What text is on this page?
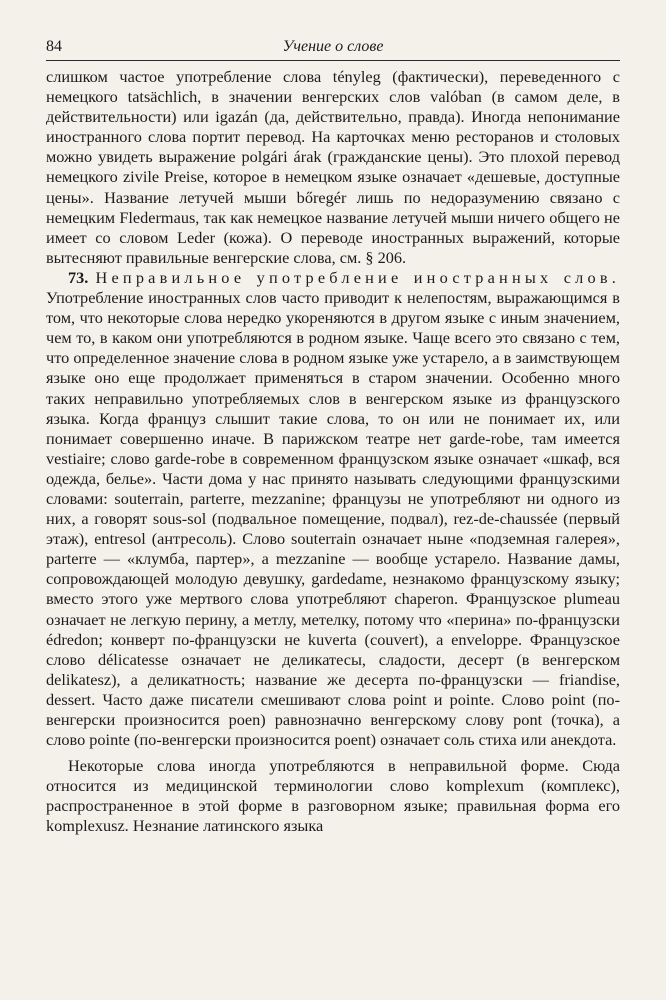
84	Учение о слове

слишком частое употребление слова tényleg (фактически), переведенного с немецкого tatsächlich, в значении венгерских слов valóban (в самом деле, в действительности) или igazán (да, действительно, правда). Иногда непонимание иностранного слова портит перевод. На карточках меню ресторанов и столовых можно увидеть выражение polgári árak (гражданские цены). Это плохой перевод немецкого zivile Preise, которое в немецком языке означает «дешевые, доступные цены». Название летучей мыши bőregér лишь по недоразумению связано с немецким Fledermaus, так как немецкое название летучей мыши ничего общего не имеет со словом Leder (кожа). О переводе иностранных выражений, которые вытесняют правильные венгерские слова, см. § 206.

73. Неправильное употребление иностранных слов. Употребление иностранных слов часто приводит к нелепостям, выражающимся в том, что некоторые слова нередко укореняются в другом языке с иным значением, чем то, в каком они употребляются в родном языке. Чаще всего это связано с тем, что определенное значение слова в родном языке уже устарело, а в заимствующем языке оно еще продолжает применяться в старом значении. Особенно много таких неправильно употребляемых слов в венгерском языке из французского языка. Когда француз слышит такие слова, то он или не понимает их, или понимает совершенно иначе. В парижском театре нет garde-robe, там имеется vestiaire; слово garde-robe в современном французском языке означает «шкаф, вся одежда, белье». Части дома у нас принято называть следующими французскими словами: souterrain, parterre, mezzanine; французы не употребляют ни одного из них, а говорят sous-sol (подвальное помещение, подвал), rez-de-chaussée (первый этаж), entresol (антресоль). Слово souterrain означает ныне «подземная галерея», parterre — «клумба, партер», а mezzanine — вообще устарело. Название дамы, сопровождающей молодую девушку, gardedame, незнакомо французскому языку; вместо этого уже мертвого слова употребляют chaperon. Французское plumeau означает не легкую перину, а метлу, метелку, потому что «перина» по-французски édredon; конверт по-французски не kuverta (couvert), а enveloppe. Французское слово délicatesse означает не деликатесы, сладости, десерт (в венгерском delikatesz), а деликатность; название же десерта по-французски — friandise, dessert. Часто даже писатели смешивают слова point и pointe. Слово point (по-венгерски произносится poen) равнозначно венгерскому слову pont (точка), а слово pointe (по-венгерски произносится poent) означает соль стиха или анекдота.

Некоторые слова иногда употребляются в неправильной форме. Сюда относится из медицинской терминологии слово komplexum (комплекс), распространенное в этой форме в разговорном языке; правильная форма его komplexusz. Незнание латинского языка
